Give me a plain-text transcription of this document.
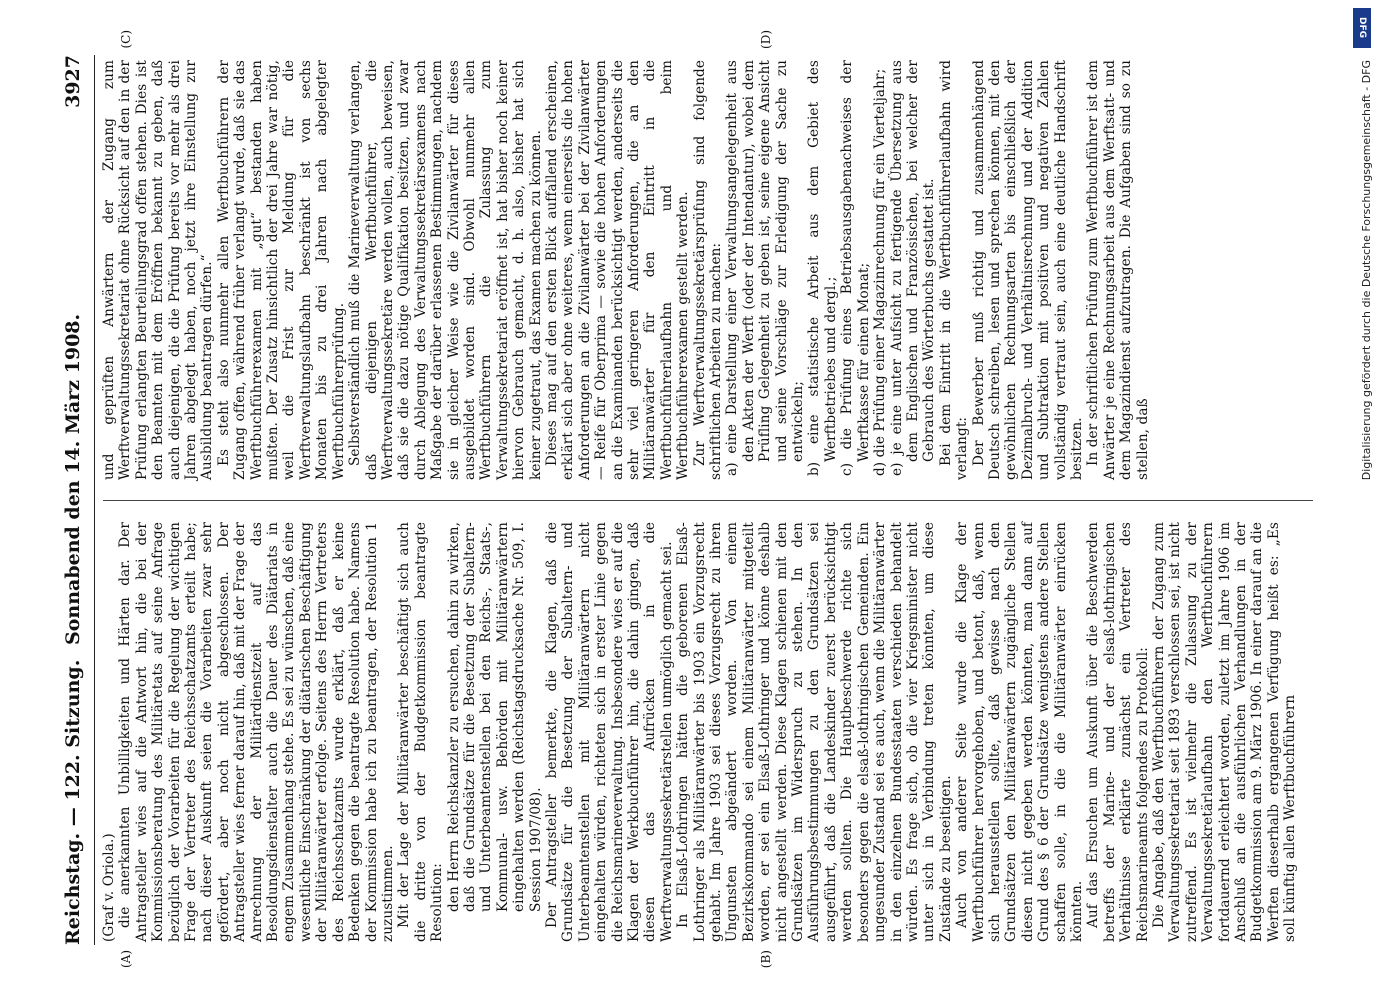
Reichstag. — 122. Sitzung.
Sonnabend den 14. März 1908.
3927

(Graf v. Oriola.) die anerkannten Unbilligkeiten und Härten dar. Der Antragsteller wies auf die Antwort hin, die bei der Kommissionsberatung des Militäretats auf seine Anfrage bezüglich der Vorarbeiten für die Regelung der wichtigen Frage der Vertreter des Reichsschatzamts erteilt habe; nach dieser Auskunft seien die Vorarbeiten zwar sehr gefördert, aber noch nicht abgeschlossen. Der Antragsteller wies ferner darauf hin, daß mit der Frage der Anrechnung der Militärdienstzeit auf das Besoldungsdienstalter auch die Dauer des Diätariats in engem Zusammenhang stehe. Es sei zu wünschen, daß eine wesentliche Einschränkung der diätarischen Beschäftigung der Militäranwärter erfolge. Seitens des Herrn Vertreters des Reichsschatzamts wurde erklärt, daß er keine Bedenken gegen die beantragte Resolution habe. Namens der Kommission habe ich zu beantragen, der Resolution 1 zuzustimmen. Mit der Lage der Militäranwärter beschäftigt sich auch die dritte von der Budgetkommission beantragte Resolution: den Herrn Reichskanzler zu ersuchen, dahin zu wirken, daß die Grundsätze für die Besetzung der Subaltern- und Unterbeamtenstellen bei den Reichs-, Staats-, Kommunal- usw. Behörden mit Militäranwärtern eingehalten werden (Reichstagsdrucksache Nr. 509, I. Session 1907/08). Der Antragsteller bemerkte, die Klagen, daß die Grundsätze für die Besetzung der Subaltern- und Unterbeamtenstellen mit Militäranwärtern nicht eingehalten würden, richteten sich in erster Linie gegen die Reichsmarineverwaltung. Insbesondere wies er auf die Klagen der Werkbuchführer hin, die dahin gingen, daß diesen das Aufrücken in die Werftverwaltungssekretärstellen unmöglich gemacht sei. In Elsaß-Lothringen hätten die geborenen Elsaß-Lothringer als Militäranwärter bis 1903 ein Vorzugsrecht gehabt. Im Jahre 1903 sei dieses Vorzugsrecht zu ihren Ungunsten abgeändert worden. Von einem Bezirkskommando sei einem Militäranwärter mitgeteilt worden, er sei ein Elsaß-Lothringer und könne deshalb nicht angestellt werden. Diese Klagen schienen mit den Grundsätzen im Widerspruch zu stehen. In den Ausführungsbestimmungen zu den Grundsätzen sei ausgeführt, daß die Landeskinder zuerst berücksichtigt werden sollten. Die Hauptbeschwerde richte sich besonders gegen die elsaß-lothringischen Gemeinden. Ein ungesunder Zustand sei es auch, wenn die Militäranwärter in den einzelnen Bundesstaaten verschieden behandelt würden. Es frage sich, ob die vier Kriegsminister nicht unter sich in Verbindung treten könnten, um diese Zustände zu beseitigen. Auch von anderer Seite wurde die Klage der Werftbuchführer hervorgehoben, und betont, daß, wenn sich herausstellen sollte, daß gewisse nach den Grundsätzen den Militäranwärtern zugängliche Stellen diesen nicht gegeben werden könnten, man dann auf Grund des § 6 der Grundsätze wenigstens andere Stellen schaffen solle, in die die Militäranwärter einrücken könnten. Auf das Ersuchen um Auskunft über die Beschwerden betreffs der Marine- und der elsaß-lothringischen Verhältnisse erklärte zunächst ein Vertreter des Reichsmarineamts folgendes zu Protokoll: Die Angabe, daß den Werftbuchführern der Zugang zum Verwaltungssekretariat seit 1893 verschlossen sei, ist nicht zutreffend. Es ist vielmehr die Zulassung zu der Verwaltungssekretärlaufbahn den Werftbuchführern fortdauernd erleichtert worden, zuletzt im Jahre 1906 im Anschluß an die ausführlichen Verhandlungen in der Budgetkommission am 9. März 1906. In einer darauf an die Werften dieserhalb ergangenen Verfügung heißt es: „Es soll künftig allen Werftbuchführern

und geprüften Anwärtern der Zugang zum Werftverwaltungssekretariat ohne Rücksicht auf den in der Prüfung erlangten Beurteilungsgrad offen stehen. Dies ist den Beamten mit dem Eröffnen bekannt zu geben, daß auch diejenigen, die die Prüfung bereits vor mehr als drei Jahren abgelegt haben, noch jetzt ihre Einstellung zur Ausbildung beantragen dürfen.“ Es steht also nunmehr allen Werftbuchführern der Zugang offen, während früher verlangt wurde, daß sie das Werftbuchführerexamen mit „gut“ bestanden haben mußten. Der Zusatz hinsichtlich der drei Jahre war nötig, weil die Frist zur Meldung für die Werftverwaltungslaufbahn beschränkt ist von sechs Monaten bis zu drei Jahren nach abgelegter Werftbuchführerprüfung. Selbstverständlich muß die Marineverwaltung verlangen, daß diejenigen Werftbuchführer, die Werftverwaltungssekretäre werden wollen, auch beweisen, daß sie die dazu nötige Qualifikation besitzen, und zwar durch Ablegung des Verwaltungssekretärsexamens nach Maßgabe der darüber erlassenen Bestimmungen, nachdem sie in gleicher Weise wie die Zivilanwärter für dieses ausgebildet worden sind. Obwohl nunmehr allen Werftbuchführern die Zulassung zum Verwaltungssekretariat eröffnet ist, hat bisher noch keiner hiervon Gebrauch gemacht, d. h. also, bisher hat sich keiner zugetraut, das Examen machen zu können. Dieses mag auf den ersten Blick auffallend erscheinen, erklärt sich aber ohne weiteres, wenn einerseits die hohen Anforderungen an die Zivilanwärter bei der Zivilanwärter — Reife für Oberprima — sowie die hohen Anforderungen an die Examinanden berücksichtigt werden, anderseits die sehr viel geringeren Anforderungen, die an den Militäranwärter für den Eintritt in die Werftbuchführerlaufbahn und beim Werftbuchführerexamen gestellt werden. Zur Werftverwaltungssekretärsprüfung sind folgende schriftlichen Arbeiten zu machen: a) eine Darstellung einer Verwaltungsangelegenheit aus den Akten der Werft (oder der Intendantur), wobei dem Prüfling Gelegenheit zu geben ist, seine eigene Ansicht und seine Vorschläge zur Erledigung der Sache zu entwickeln; b) eine statistische Arbeit aus dem Gebiet des Werftbetriebes und dergl.; c) die Prüfung eines Betriebsausgabenachweises der Werftkasse für einen Monat; d) die Prüfung einer Magazinrechnung für ein Vierteljahr; e) je eine unter Aufsicht zu fertigende Übersetzung aus dem Englischen und Französischen, bei welcher der Gebrauch des Wörterbuchs gestattet ist. Bei dem Eintritt in die Werftbuchführerlaufbahn wird verlangt: Der Bewerber muß richtig und zusammenhängend Deutsch schreiben, lesen und sprechen können, mit den gewöhnlichen Rechnungsarten bis einschließlich der Dezimalbruch- und Verhältnisrechnung und der Addition und Subtraktion mit positiven und negativen Zahlen vollständig vertraut sein, auch eine deutliche Handschrift besitzen. In der schriftlichen Prüfung zum Werftbuchführer ist dem Anwärter je eine Rechnungsarbeit aus dem Werftsatt- und dem Magazindienst aufzutragen. Die Aufgaben sind so zu stellen, daß

(A)	(B)
(C)	(D)
DFG
Digitalisierung gefördert durch die Deutsche Forschungsgemeinschaft - DFG
